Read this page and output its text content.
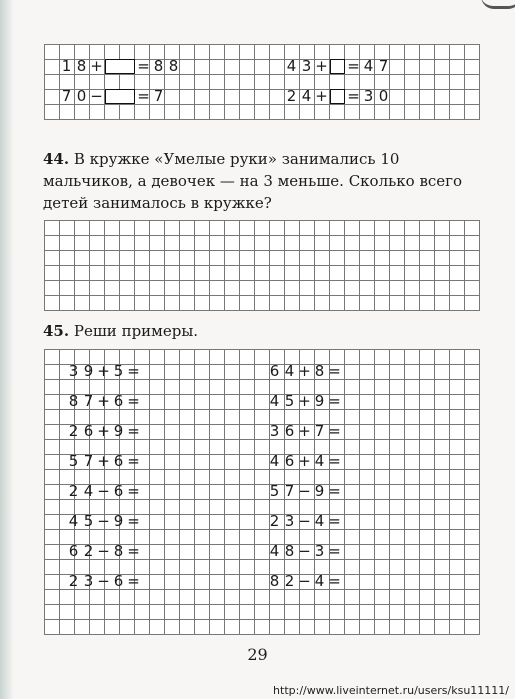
1 8 + = 8 8	4 3 + = 4 7
7 0 − = 7	2 4 + = 3 0
44. В кружке «Умелые руки» занимались 10 мальчиков, а девочек — на 3 меньше. Сколько всего детей занималось в кружке?
45. Реши примеры.
3 9 + 5 =
8 7 + 6 =
2 6 + 9 =
5 7 + 6 =
2 4 − 6 =
4 5 − 9 =
6 2 − 8 =
2 3 − 6 =
6 4 + 8 =
4 5 + 9 =
3 6 + 7 =
4 6 + 4 =
5 7 − 9 =
2 3 − 4 =
4 8 − 3 =
8 2 − 4 =
29
http://www.liveinternet.ru/users/ksu11111/
